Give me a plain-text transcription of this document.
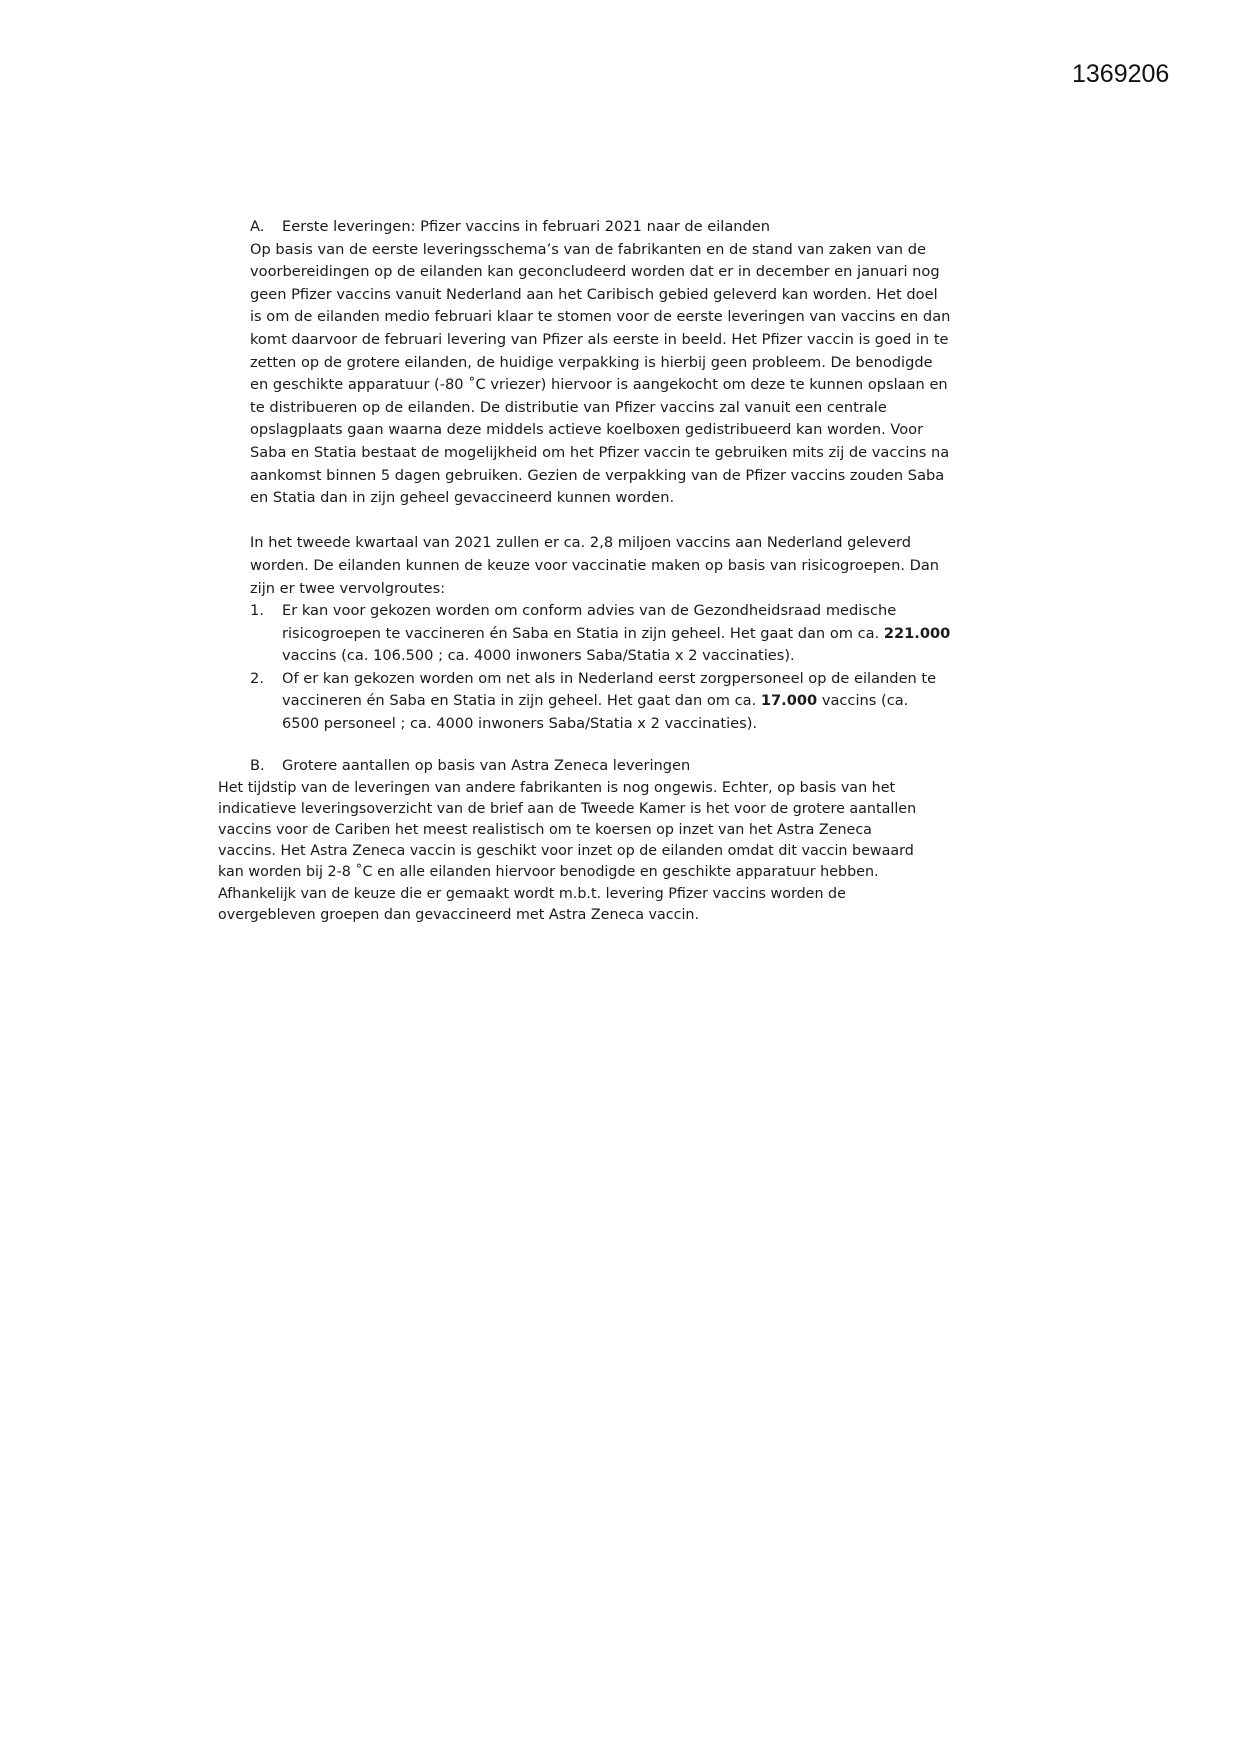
1369206
A. Eerste leveringen: Pfizer vaccins in februari 2021 naar de eilanden
Op basis van de eerste leveringsschema’s van de fabrikanten en de stand van zaken van de
voorbereidingen op de eilanden kan geconcludeerd worden dat er in december en januari nog
geen Pfizer vaccins vanuit Nederland aan het Caribisch gebied geleverd kan worden. Het doel
is om de eilanden medio februari klaar te stomen voor de eerste leveringen van vaccins en dan
komt daarvoor de februari levering van Pfizer als eerste in beeld. Het Pfizer vaccin is goed in te
zetten op de grotere eilanden, de huidige verpakking is hierbij geen probleem. De benodigde
en geschikte apparatuur (-80 ˚C vriezer) hiervoor is aangekocht om deze te kunnen opslaan en
te distribueren op de eilanden. De distributie van Pfizer vaccins zal vanuit een centrale
opslagplaats gaan waarna deze middels actieve koelboxen gedistribueerd kan worden. Voor
Saba en Statia bestaat de mogelijkheid om het Pfizer vaccin te gebruiken mits zij de vaccins na
aankomst binnen 5 dagen gebruiken. Gezien de verpakking van de Pfizer vaccins zouden Saba
en Statia dan in zijn geheel gevaccineerd kunnen worden.
In het tweede kwartaal van 2021 zullen er ca. 2,8 miljoen vaccins aan Nederland geleverd
worden. De eilanden kunnen de keuze voor vaccinatie maken op basis van risicogroepen. Dan
zijn er twee vervolgroutes:
1. Er kan voor gekozen worden om conform advies van de Gezondheidsraad medische
risicogroepen te vaccineren én Saba en Statia in zijn geheel. Het gaat dan om ca. 221.000
vaccins (ca. 106.500 ; ca. 4000 inwoners Saba/Statia x 2 vaccinaties).
2. Of er kan gekozen worden om net als in Nederland eerst zorgpersoneel op de eilanden te
vaccineren én Saba en Statia in zijn geheel. Het gaat dan om ca. 17.000 vaccins (ca.
6500 personeel ; ca. 4000 inwoners Saba/Statia x 2 vaccinaties).
B. Grotere aantallen op basis van Astra Zeneca leveringen
Het tijdstip van de leveringen van andere fabrikanten is nog ongewis. Echter, op basis van het
indicatieve leveringsoverzicht van de brief aan de Tweede Kamer is het voor de grotere aantallen
vaccins voor de Cariben het meest realistisch om te koersen op inzet van het Astra Zeneca
vaccins. Het Astra Zeneca vaccin is geschikt voor inzet op de eilanden omdat dit vaccin bewaard
kan worden bij 2-8 ˚C en alle eilanden hiervoor benodigde en geschikte apparatuur hebben.
Afhankelijk van de keuze die er gemaakt wordt m.b.t. levering Pfizer vaccins worden de
overgebleven groepen dan gevaccineerd met Astra Zeneca vaccin.
